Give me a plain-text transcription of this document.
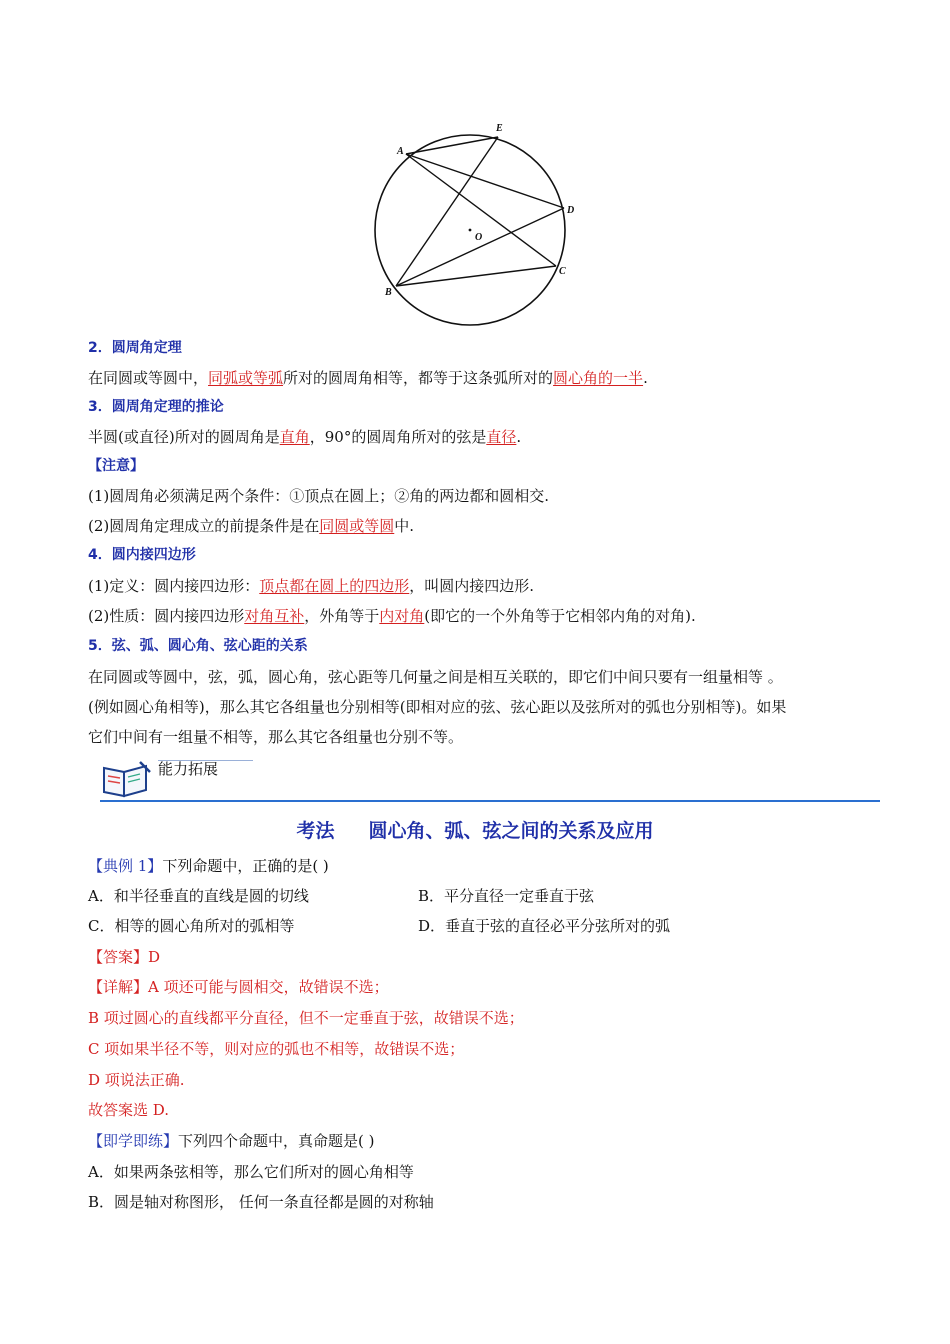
A
E
D
C
B
O
2．圆周角定理
在同圆或等圆中，同弧或等弧所对的圆周角相等，都等于这条弧所对的圆心角的一半.
3．圆周角定理的推论
半圆(或直径)所对的圆周角是直角，90°的圆周角所对的弦是直径.
【注意】
(1)圆周角必须满足两个条件：①顶点在圆上；②角的两边都和圆相交.
(2)圆周角定理成立的前提条件是在同圆或等圆中.
4．圆内接四边形
(1)定义：圆内接四边形：顶点都在圆上的四边形，叫圆内接四边形.
(2)性质：圆内接四边形对角互补，外角等于内对角(即它的一个外角等于它相邻内角的对角).
5．弦、弧、圆心角、弦心距的关系
在同圆或等圆中，弦，弧，圆心角，弦心距等几何量之间是相互关联的，即它们中间只要有一组量相等 。
(例如圆心角相等)，那么其它各组量也分别相等(即相对应的弦、弦心距以及弦所对的弧也分别相等)。如果
它们中间有一组量不相等，那么其它各组量也分别不等。
能力拓展
考法 圆心角、弧、弦之间的关系及应用
【典例 1】下列命题中，正确的是( )
A．和半径垂直的直线是圆的切线	B．平分直径一定垂直于弦
C．相等的圆心角所对的弧相等	D．垂直于弦的直径必平分弦所对的弧
【答案】D
【详解】A 项还可能与圆相交，故错误不选；
B 项过圆心的直线都平分直径，但不一定垂直于弦，故错误不选；
C 项如果半径不等，则对应的弧也不相等，故错误不选；
D 项说法正确.
故答案选 D.
【即学即练】下列四个命题中，真命题是( )
A．如果两条弦相等，那么它们所对的圆心角相等
B．圆是轴对称图形， 任何一条直径都是圆的对称轴
